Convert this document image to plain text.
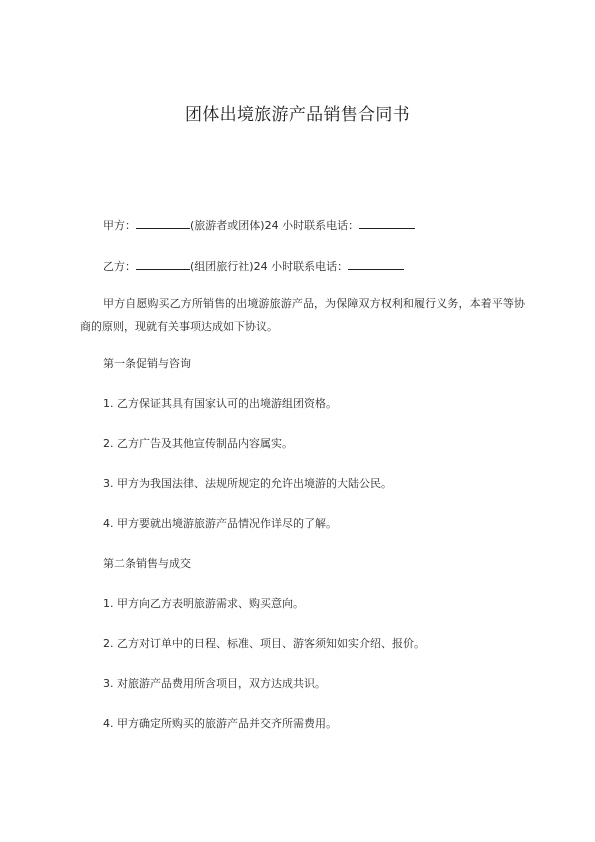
团体出境旅游产品销售合同书
甲方：	(旅游者或团体)24 小时联系电话：
乙方：	(组团旅行社)24 小时联系电话：
甲方自愿购买乙方所销售的出境游旅游产品，为保障双方权利和履行义务，本着平等协商的原则，现就有关事项达成如下协议。
第一条促销与咨询
1. 乙方保证其具有国家认可的出境游组团资格。
2. 乙方广告及其他宣传制品内容属实。
3. 甲方为我国法律、法规所规定的允许出境游的大陆公民。
4. 甲方要就出境游旅游产品情况作详尽的了解。
第二条销售与成交
1. 甲方向乙方表明旅游需求、购买意向。
2. 乙方对订单中的日程、标准、项目、游客须知如实介绍、报价。
3. 对旅游产品费用所含项目，双方达成共识。
4. 甲方确定所购买的旅游产品并交齐所需费用。
